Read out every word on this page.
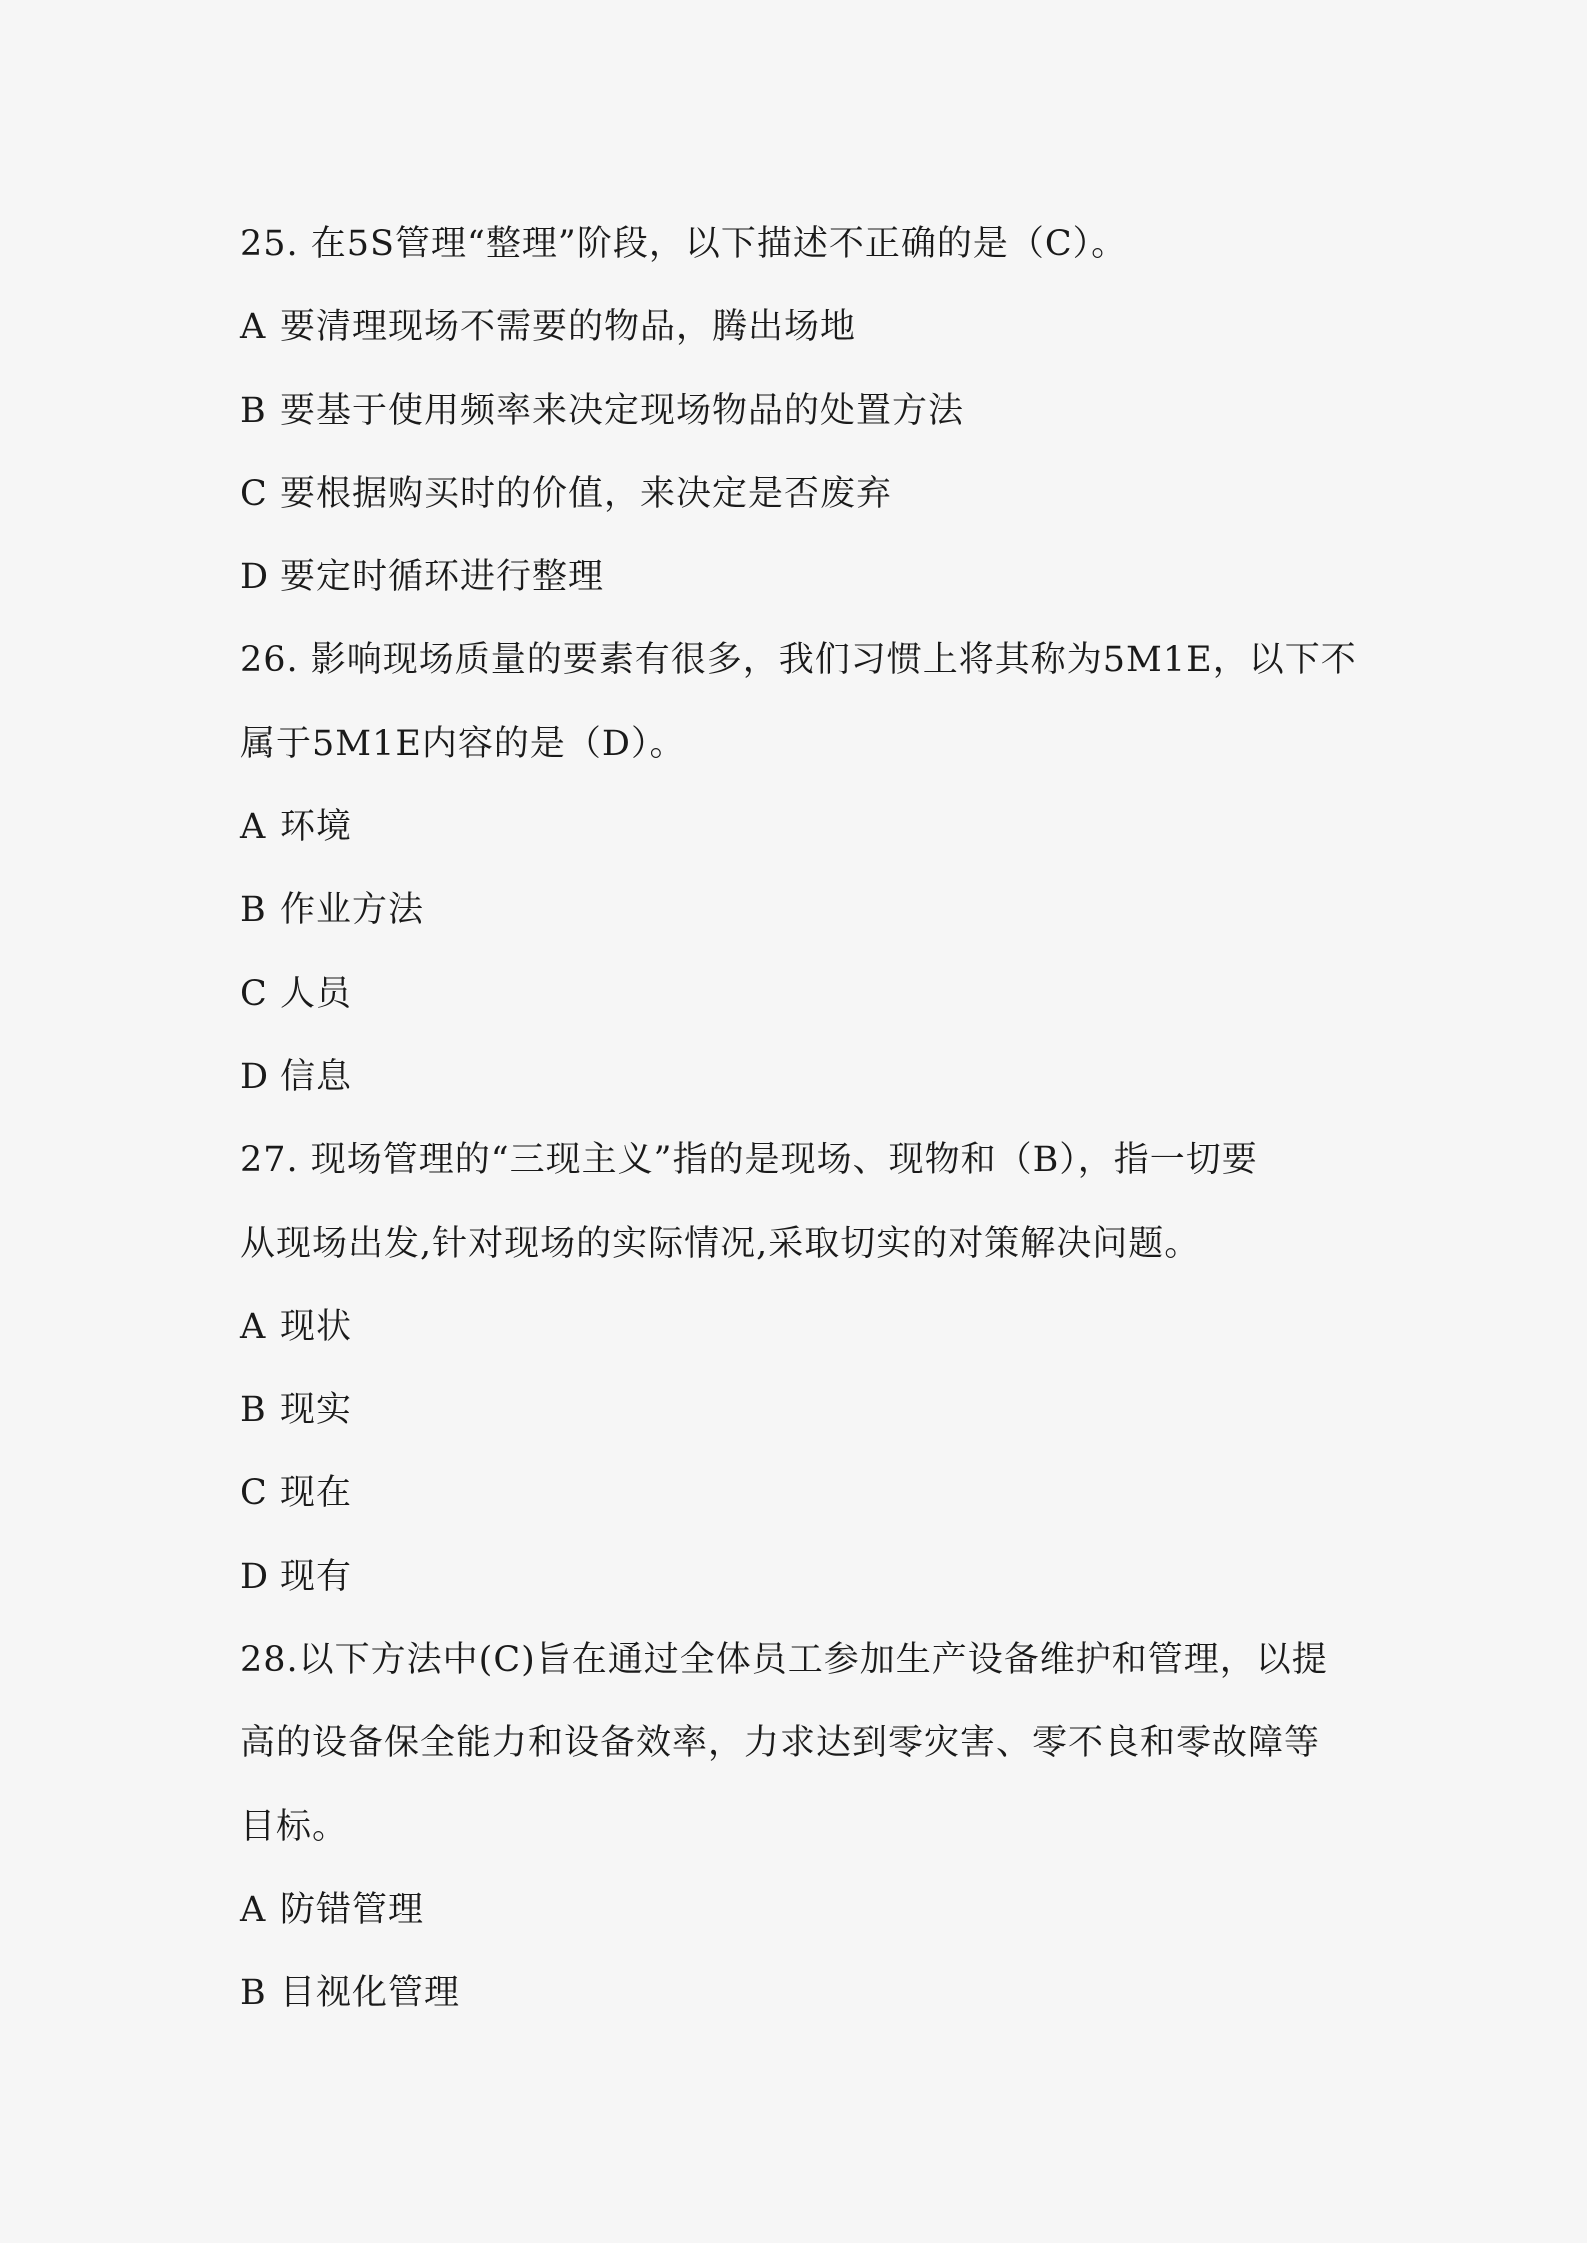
25. 在5S管理“整理”阶段，以下描述不正确的是（C）。
A 要清理现场不需要的物品，腾出场地
B 要基于使用频率来决定现场物品的处置方法
C 要根据购买时的价值，来决定是否废弃
D 要定时循环进行整理
26. 影响现场质量的要素有很多，我们习惯上将其称为5M1E，以下不
属于5M1E内容的是（D）。
A 环境
B 作业方法
C 人员
D 信息
27. 现场管理的“三现主义”指的是现场、现物和（B），指一切要
从现场出发,针对现场的实际情况,采取切实的对策解决问题。
A 现状
B 现实
C 现在
D 现有
28.以下方法中(C)旨在通过全体员工参加生产设备维护和管理，以提
高的设备保全能力和设备效率，力求达到零灾害、零不良和零故障等
目标。
A 防错管理
B 目视化管理
